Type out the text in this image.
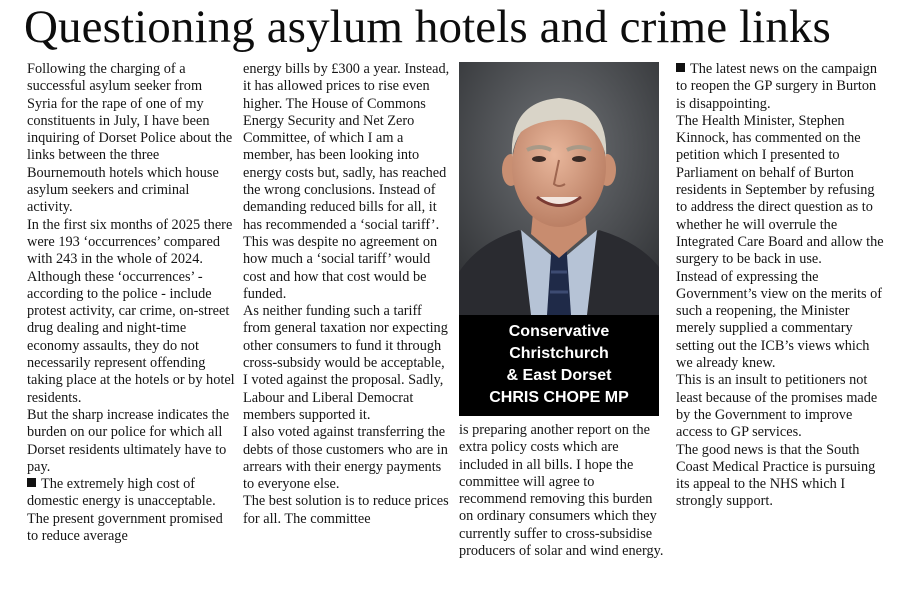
Questioning asylum hotels and crime links

Following the charging of a successful asylum seeker from Syria for the rape of one of my constituents in July, I have been inquiring of Dorset Police about the links between the three Bournemouth hotels which house asylum seekers and criminal activity.

In the first six months of 2025 there were 193 ‘occurrences’ compared with 243 in the whole of 2024.

Although these ‘occurrences’ - according to the police - include protest activity, car crime, on-street drug dealing and night-time economy assaults, they do not necessarily represent offending taking place at the hotels or by hotel residents.

But the sharp increase indicates the burden on our police for which all Dorset residents ultimately have to pay.

The extremely high cost of domestic energy is unacceptable.

The present government promised to reduce average

energy bills by £300 a year. Instead, it has allowed prices to rise even higher. The House of Commons Energy Security and Net Zero Committee, of which I am a member, has been looking into energy costs but, sadly, has reached the wrong conclusions. Instead of demanding reduced bills for all, it has recommended a ‘social tariff’.

This was despite no agreement on how much a ‘social tariff’ would cost and how that cost would be funded.

As neither funding such a tariff from general taxation nor expecting other consumers to fund it through cross-subsidy would be acceptable, I voted against the proposal. Sadly, Labour and Liberal Democrat members supported it.

I also voted against transferring the debts of those customers who are in arrears with their energy payments to everyone else.

The best solution is to reduce prices for all. The committee

Conservative
Christchurch
& East Dorset
CHRIS CHOPE MP

is preparing another report on the extra policy costs which are included in all bills. I hope the committee will agree to recommend removing this burden on ordinary consumers which they currently suffer to cross-subsidise producers of solar and wind energy.

The latest news on the campaign to reopen the GP surgery in Burton is disappointing.

The Health Minister, Stephen Kinnock, has commented on the petition which I presented to Parliament on behalf of Burton residents in September by refusing to address the direct question as to whether he will overrule the Integrated Care Board and allow the surgery to be back in use.

Instead of expressing the Government’s view on the merits of such a reopening, the Minister merely supplied a commentary setting out the ICB’s views which we already knew.

This is an insult to petitioners not least because of the promises made by the Government to improve access to GP services.

The good news is that the South Coast Medical Practice is pursuing its appeal to the NHS which I strongly support.
